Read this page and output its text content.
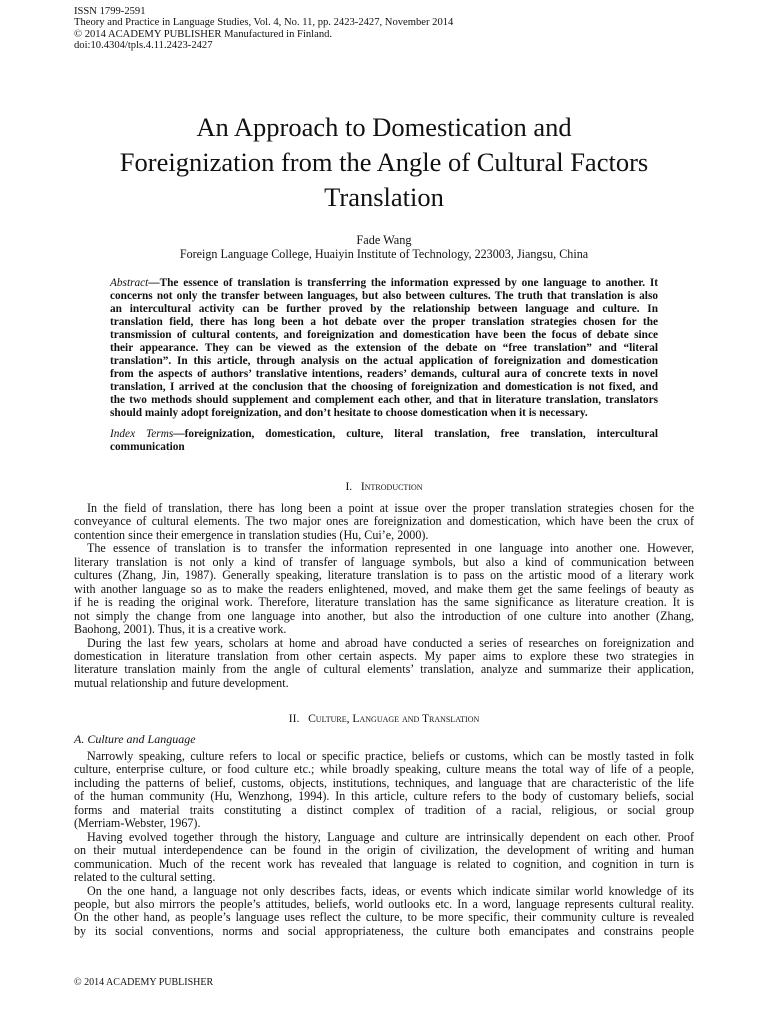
ISSN 1799-2591
Theory and Practice in Language Studies, Vol. 4, No. 11, pp. 2423-2427, November 2014
© 2014 ACADEMY PUBLISHER Manufactured in Finland.
doi:10.4304/tpls.4.11.2423-2427
An Approach to Domestication and
Foreignization from the Angle of Cultural Factors
Translation
Fade Wang
Foreign Language College, Huaiyin Institute of Technology, 223003, Jiangsu, China
Abstract—The essence of translation is transferring the information expressed by one language to another. It
concerns not only the transfer between languages, but also between cultures. The truth that translation is also
an intercultural activity can be further proved by the relationship between language and culture. In
translation field, there has long been a hot debate over the proper translation strategies chosen for the
transmission of cultural contents, and foreignization and domestication have been the focus of debate since
their appearance. They can be viewed as the extension of the debate on “free translation” and “literal
translation”. In this article, through analysis on the actual application of foreignization and domestication
from the aspects of authors’ translative intentions, readers’ demands, cultural aura of concrete texts in novel
translation, I arrived at the conclusion that the choosing of foreignization and domestication is not fixed, and
the two methods should supplement and complement each other, and that in literature translation, translators
should mainly adopt foreignization, and don’t hesitate to choose domestication when it is necessary.
Index Terms—foreignization, domestication, culture, literal translation, free translation, intercultural
communication
I. Introduction
In the field of translation, there has long been a point at issue over the proper translation strategies chosen for the
conveyance of cultural elements. The two major ones are foreignization and domestication, which have been the crux of
contention since their emergence in translation studies (Hu, Cui’e, 2000).
The essence of translation is to transfer the information represented in one language into another one. However,
literary translation is not only a kind of transfer of language symbols, but also a kind of communication between
cultures (Zhang, Jin, 1987). Generally speaking, literature translation is to pass on the artistic mood of a literary work
with another language so as to make the readers enlightened, moved, and make them get the same feelings of beauty as
if he is reading the original work. Therefore, literature translation has the same significance as literature creation. It is
not simply the change from one language into another, but also the introduction of one culture into another (Zhang,
Baohong, 2001). Thus, it is a creative work.
During the last few years, scholars at home and abroad have conducted a series of researches on foreignization and
domestication in literature translation from other certain aspects. My paper aims to explore these two strategies in
literature translation mainly from the angle of cultural elements’ translation, analyze and summarize their application,
mutual relationship and future development.
II. Culture, Language and Translation
A. Culture and Language
Narrowly speaking, culture refers to local or specific practice, beliefs or customs, which can be mostly tasted in folk
culture, enterprise culture, or food culture etc.; while broadly speaking, culture means the total way of life of a people,
including the patterns of belief, customs, objects, institutions, techniques, and language that are characteristic of the life
of the human community (Hu, Wenzhong, 1994). In this article, culture refers to the body of customary beliefs, social
forms and material traits constituting a distinct complex of tradition of a racial, religious, or social group
(Merriam-Webster, 1967).
Having evolved together through the history, Language and culture are intrinsically dependent on each other. Proof
on their mutual interdependence can be found in the origin of civilization, the development of writing and human
communication. Much of the recent work has revealed that language is related to cognition, and cognition in turn is
related to the cultural setting.
On the one hand, a language not only describes facts, ideas, or events which indicate similar world knowledge of its
people, but also mirrors the people’s attitudes, beliefs, world outlooks etc. In a word, language represents cultural reality.
On the other hand, as people’s language uses reflect the culture, to be more specific, their community culture is revealed
by its social conventions, norms and social appropriateness, the culture both emancipates and constrains people
© 2014 ACADEMY PUBLISHER
